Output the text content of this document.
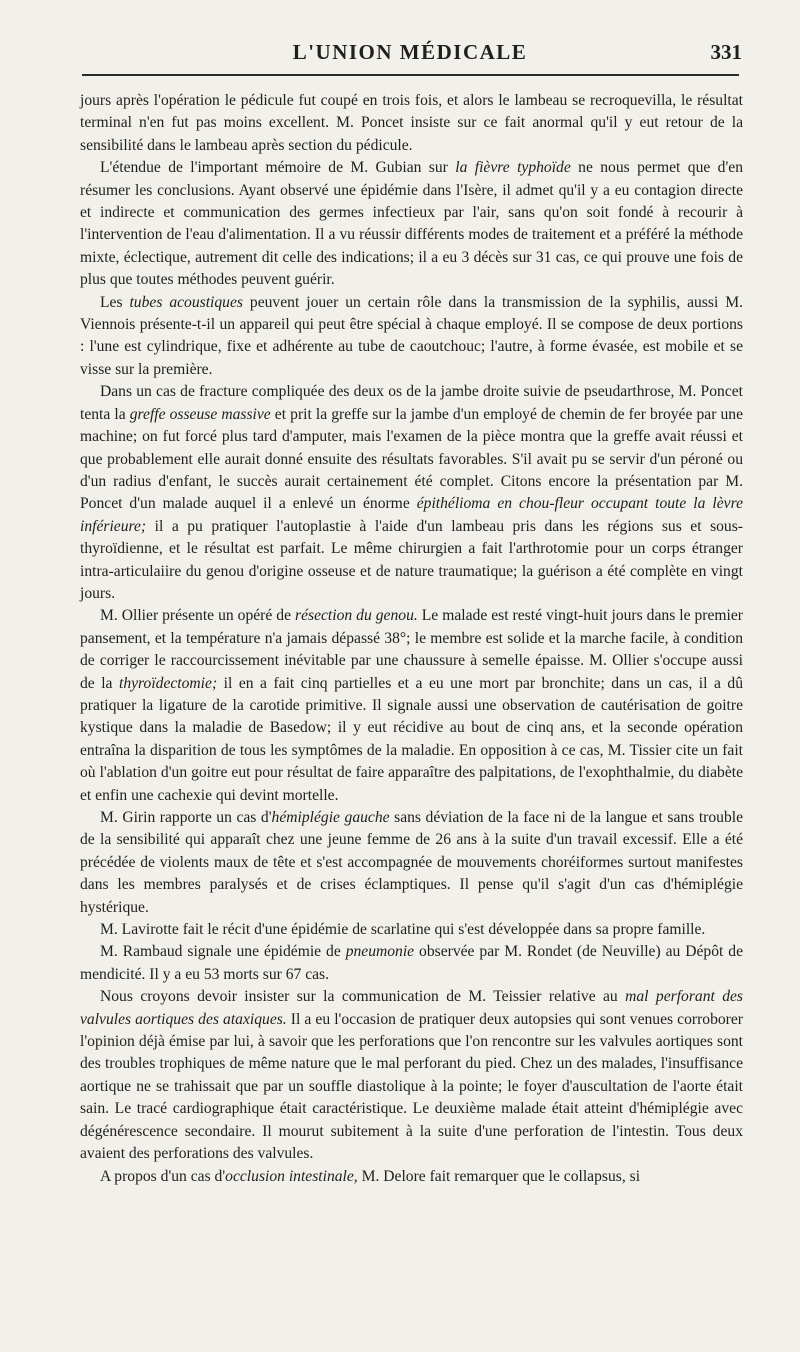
L'UNION MÉDICALE	331

jours après l'opération le pédicule fut coupé en trois fois, et alors le lambeau se recroquevilla, le résultat terminal n'en fut pas moins excellent. M. Poncet insiste sur ce fait anormal qu'il y eut retour de la sensibilité dans le lambeau après section du pédicule.

L'étendue de l'important mémoire de M. Gubian sur la fièvre typhoïde ne nous permet que d'en résumer les conclusions. Ayant observé une épidémie dans l'Isère, il admet qu'il y a eu contagion directe et indirecte et communication des germes infectieux par l'air, sans qu'on soit fondé à recourir à l'intervention de l'eau d'alimentation. Il a vu réussir différents modes de traitement et a préféré la méthode mixte, éclectique, autrement dit celle des indications; il a eu 3 décès sur 31 cas, ce qui prouve une fois de plus que toutes méthodes peuvent guérir.

Les tubes acoustiques peuvent jouer un certain rôle dans la transmission de la syphilis, aussi M. Viennois présente-t-il un appareil qui peut être spécial à chaque employé. Il se compose de deux portions : l'une est cylindrique, fixe et adhérente au tube de caoutchouc; l'autre, à forme évasée, est mobile et se visse sur la première.

Dans un cas de fracture compliquée des deux os de la jambe droite suivie de pseudarthrose, M. Poncet tenta la greffe osseuse massive et prit la greffe sur la jambe d'un employé de chemin de fer broyée par une machine; on fut forcé plus tard d'amputer, mais l'examen de la pièce montra que la greffe avait réussi et que probablement elle aurait donné ensuite des résultats favorables. S'il avait pu se servir d'un péroné ou d'un radius d'enfant, le succès aurait certainement été complet. Citons encore la présentation par M. Poncet d'un malade auquel il a enlevé un énorme épithélioma en chou-fleur occupant toute la lèvre inférieure; il a pu pratiquer l'autoplastie à l'aide d'un lambeau pris dans les régions sus et sous-thyroïdienne, et le résultat est parfait. Le même chirurgien a fait l'arthrotomie pour un corps étranger intra-articulaiire du genou d'origine osseuse et de nature traumatique; la guérison a été complète en vingt jours.

M. Ollier présente un opéré de résection du genou. Le malade est resté vingt-huit jours dans le premier pansement, et la température n'a jamais dépassé 38°; le membre est solide et la marche facile, à condition de corriger le raccourcissement inévitable par une chaussure à semelle épaisse. M. Ollier s'occupe aussi de la thyroïdectomie; il en a fait cinq partielles et a eu une mort par bronchite; dans un cas, il a dû pratiquer la ligature de la carotide primitive. Il signale aussi une observation de cautérisation de goitre kystique dans la maladie de Basedow; il y eut récidive au bout de cinq ans, et la seconde opération entraîna la disparition de tous les symptômes de la maladie. En opposition à ce cas, M. Tissier cite un fait où l'ablation d'un goitre eut pour résultat de faire apparaître des palpitations, de l'exophthalmie, du diabète et enfin une cachexie qui devint mortelle.

M. Girin rapporte un cas d'hémiplégie gauche sans déviation de la face ni de la langue et sans trouble de la sensibilité qui apparaît chez une jeune femme de 26 ans à la suite d'un travail excessif. Elle a été précédée de violents maux de tête et s'est accompagnée de mouvements choréiformes surtout manifestes dans les membres paralysés et de crises éclamptiques. Il pense qu'il s'agit d'un cas d'hémiplégie hystérique.

M. Lavirotte fait le récit d'une épidémie de scarlatine qui s'est développée dans sa propre famille.

M. Rambaud signale une épidémie de pneumonie observée par M. Rondet (de Neuville) au Dépôt de mendicité. Il y a eu 53 morts sur 67 cas.

Nous croyons devoir insister sur la communication de M. Teissier relative au mal perforant des valvules aortiques des ataxiques. Il a eu l'occasion de pratiquer deux autopsies qui sont venues corroborer l'opinion déjà émise par lui, à savoir que les perforations que l'on rencontre sur les valvules aortiques sont des troubles trophiques de même nature que le mal perforant du pied. Chez un des malades, l'insuffisance aortique ne se trahissait que par un souffle diastolique à la pointe; le foyer d'auscultation de l'aorte était sain. Le tracé cardiographique était caractéristique. Le deuxième malade était atteint d'hémiplégie avec dégénérescence secondaire. Il mourut subitement à la suite d'une perforation de l'intestin. Tous deux avaient des perforations des valvules.

A propos d'un cas d'occlusion intestinale, M. Delore fait remarquer que le collapsus, si
